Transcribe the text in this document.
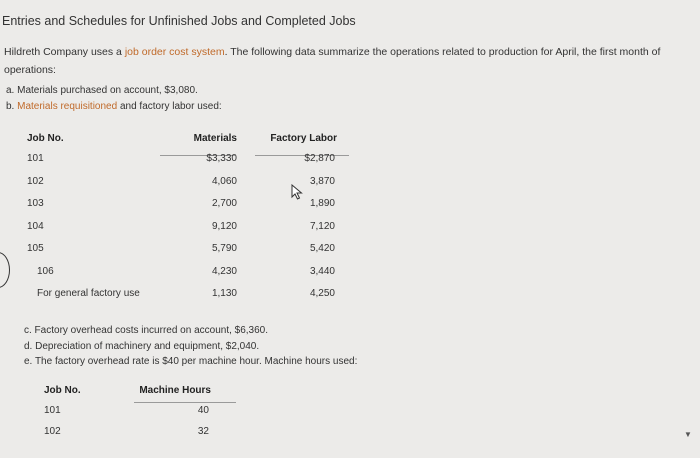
Entries and Schedules for Unfinished Jobs and Completed Jobs
Hildreth Company uses a job order cost system. The following data summarize the operations related to production for April, the first month of operations:
a. Materials purchased on account, $3,080.
b. Materials requisitioned and factory labor used:
Job No.	Materials	Factory Labor
101	$3,330	$2,870
102	4,060	3,870
103	2,700	1,890
104	9,120	7,120
105	5,790	5,420
106	4,230	3,440
For general factory use	1,130	4,250
c. Factory overhead costs incurred on account, $6,360.
d. Depreciation of machinery and equipment, $2,040.
e. The factory overhead rate is $40 per machine hour. Machine hours used:
Job No.	Machine Hours
101	40
102	32	▼
